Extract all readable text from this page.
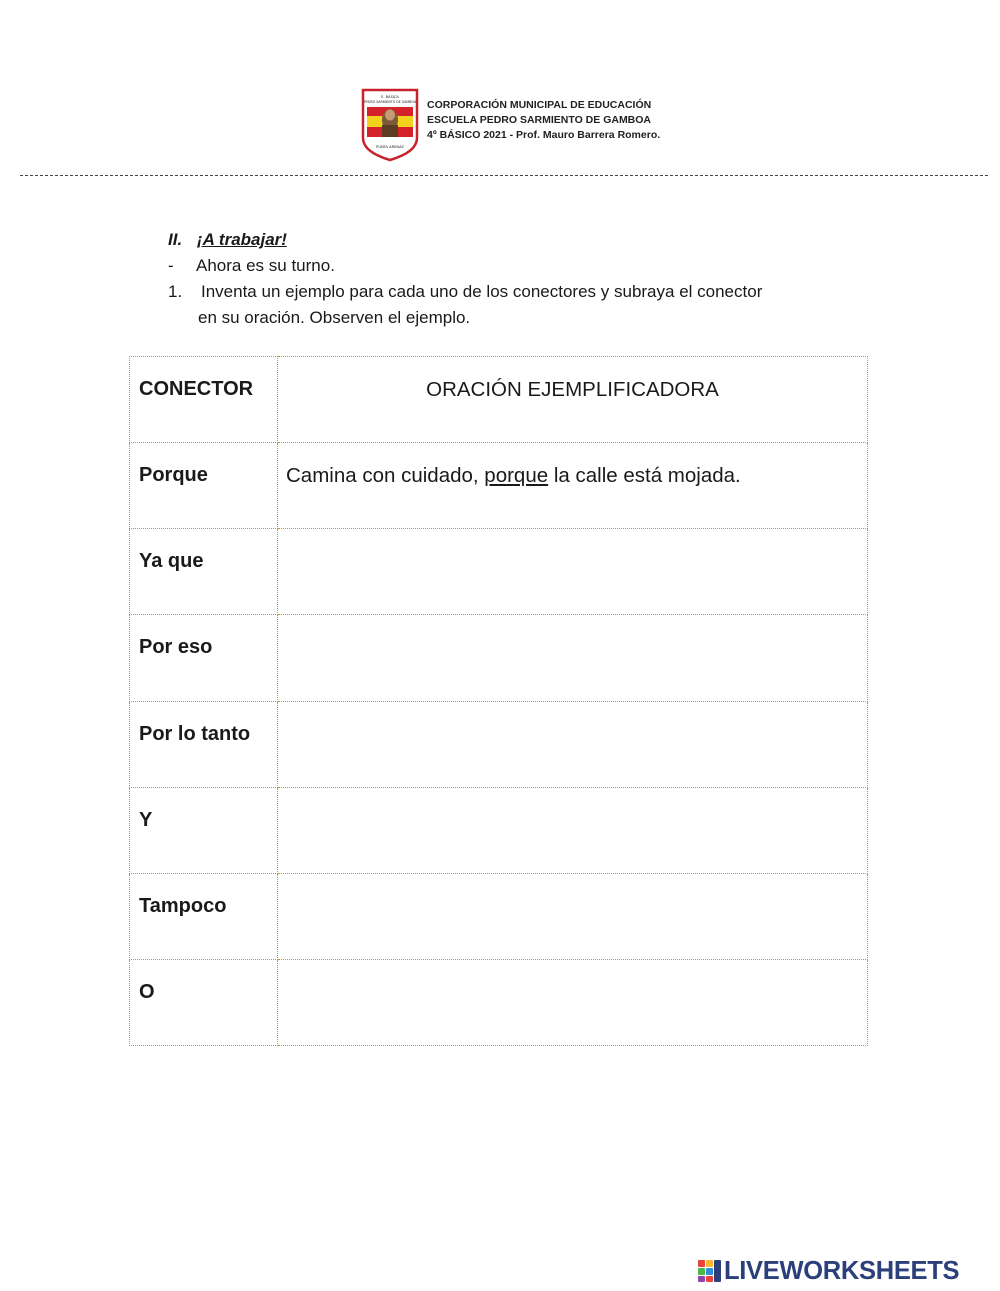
E. BÁSICA
PEDRO SARMIENTO DE GAMBOA
PUNTA ARENAS
CORPORACIÓN MUNICIPAL DE EDUCACIÓN
ESCUELA PEDRO SARMIENTO DE GAMBOA
4º BÁSICO 2021 - Prof. Mauro Barrera Romero.
II. ¡A trabajar!
- Ahora es su turno.
1. Inventa un ejemplo para cada uno de los conectores y subraya el conector
en su oración. Observen el ejemplo.
CONECTOR	ORACIÓN EJEMPLIFICADORA
Porque	Camina con cuidado, porque la calle está mojada.
Ya que	
Por eso	
Por lo tanto	
Y	
Tampoco	
O	
LIVEWORKSHEETS
